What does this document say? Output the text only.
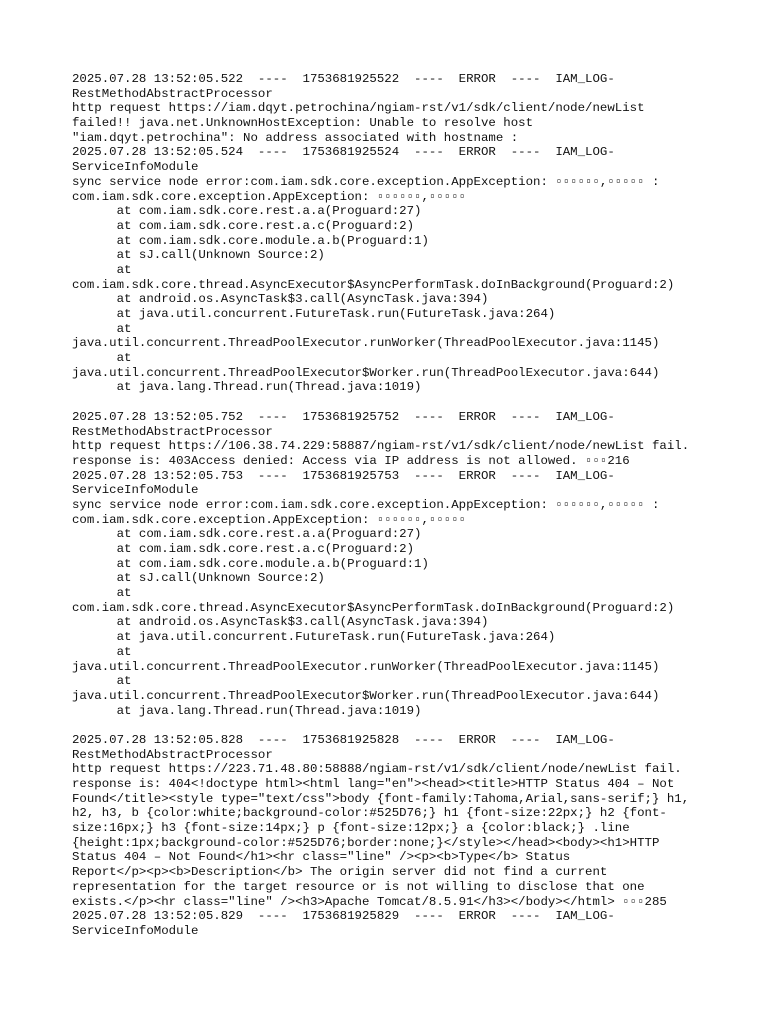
2025.07.28 13:52:05.522  ----  1753681925522  ----  ERROR  ----  IAM_LOG-
RestMethodAbstractProcessor
http request https://iam.dqyt.petrochina/ngiam-rst/v1/sdk/client/node/newList
failed!! java.net.UnknownHostException: Unable to resolve host
"iam.dqyt.petrochina": No address associated with hostname :
2025.07.28 13:52:05.524  ----  1753681925524  ----  ERROR  ----  IAM_LOG-
ServiceInfoModule
sync service node error:com.iam.sdk.core.exception.AppException: ▫▫▫▫▫▫,▫▫▫▫▫ :
com.iam.sdk.core.exception.AppException: ▫▫▫▫▫▫,▫▫▫▫▫
at com.iam.sdk.core.rest.a.a(Proguard:27)
at com.iam.sdk.core.rest.a.c(Proguard:2)
at com.iam.sdk.core.module.a.b(Proguard:1)
at sJ.call(Unknown Source:2)
at
com.iam.sdk.core.thread.AsyncExecutor$AsyncPerformTask.doInBackground(Proguard:2)
at android.os.AsyncTask$3.call(AsyncTask.java:394)
at java.util.concurrent.FutureTask.run(FutureTask.java:264)
at
java.util.concurrent.ThreadPoolExecutor.runWorker(ThreadPoolExecutor.java:1145)
at
java.util.concurrent.ThreadPoolExecutor$Worker.run(ThreadPoolExecutor.java:644)
at java.lang.Thread.run(Thread.java:1019)
2025.07.28 13:52:05.752  ----  1753681925752  ----  ERROR  ----  IAM_LOG-
RestMethodAbstractProcessor
http request https://106.38.74.229:58887/ngiam-rst/v1/sdk/client/node/newList fail.
response is: 403Access denied: Access via IP address is not allowed. ▫▫▫216
2025.07.28 13:52:05.753  ----  1753681925753  ----  ERROR  ----  IAM_LOG-
ServiceInfoModule
sync service node error:com.iam.sdk.core.exception.AppException: ▫▫▫▫▫▫,▫▫▫▫▫ :
com.iam.sdk.core.exception.AppException: ▫▫▫▫▫▫,▫▫▫▫▫
at com.iam.sdk.core.rest.a.a(Proguard:27)
at com.iam.sdk.core.rest.a.c(Proguard:2)
at com.iam.sdk.core.module.a.b(Proguard:1)
at sJ.call(Unknown Source:2)
at
com.iam.sdk.core.thread.AsyncExecutor$AsyncPerformTask.doInBackground(Proguard:2)
at android.os.AsyncTask$3.call(AsyncTask.java:394)
at java.util.concurrent.FutureTask.run(FutureTask.java:264)
at
java.util.concurrent.ThreadPoolExecutor.runWorker(ThreadPoolExecutor.java:1145)
at
java.util.concurrent.ThreadPoolExecutor$Worker.run(ThreadPoolExecutor.java:644)
at java.lang.Thread.run(Thread.java:1019)
2025.07.28 13:52:05.828  ----  1753681925828  ----  ERROR  ----  IAM_LOG-
RestMethodAbstractProcessor
http request https://223.71.48.80:58888/ngiam-rst/v1/sdk/client/node/newList fail.
response is: 404<!doctype html><html lang="en"><head><title>HTTP Status 404 – Not
Found</title><style type="text/css">body {font-family:Tahoma,Arial,sans-serif;} h1,
h2, h3, b {color:white;background-color:#525D76;} h1 {font-size:22px;} h2 {font-
size:16px;} h3 {font-size:14px;} p {font-size:12px;} a {color:black;} .line
{height:1px;background-color:#525D76;border:none;}</style></head><body><h1>HTTP
Status 404 – Not Found</h1><hr class="line" /><p><b>Type</b> Status
Report</p><p><b>Description</b> The origin server did not find a current
representation for the target resource or is not willing to disclose that one
exists.</p><hr class="line" /><h3>Apache Tomcat/8.5.91</h3></body></html> ▫▫▫285
2025.07.28 13:52:05.829  ----  1753681925829  ----  ERROR  ----  IAM_LOG-
ServiceInfoModule
